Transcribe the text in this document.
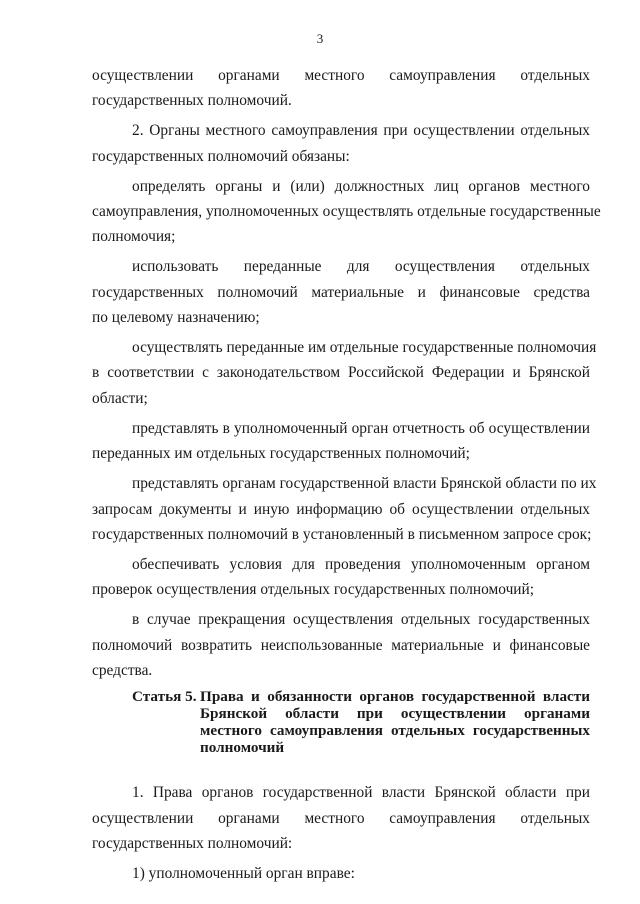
3
осуществлении органами местного самоуправления отдельных
государственных полномочий.
2. Органы местного самоуправления при осуществлении отдельных
государственных полномочий обязаны:
определять органы и (или) должностных лиц органов местного
самоуправления, уполномоченных осуществлять отдельные государственные
полномочия;
использовать переданные для осуществления отдельных
государственных полномочий материальные и финансовые средства
по целевому назначению;
осуществлять переданные им отдельные государственные полномочия
в соответствии с законодательством Российской Федерации и Брянской
области;
представлять в уполномоченный орган отчетность об осуществлении
переданных им отдельных государственных полномочий;
представлять органам государственной власти Брянской области по их
запросам документы и иную информацию об осуществлении отдельных
государственных полномочий в установленный в письменном запросе срок;
обеспечивать условия для проведения уполномоченным органом
проверок осуществления отдельных государственных полномочий;
в случае прекращения осуществления отдельных государственных
полномочий возвратить неиспользованные материальные и финансовые
средства.
Статья 5. Права и обязанности органов государственной власти
Брянской области при осуществлении органами
местного самоуправления отдельных государственных
полномочий
1. Права органов государственной власти Брянской области при
осуществлении органами местного самоуправления отдельных
государственных полномочий:
1) уполномоченный орган вправе:
